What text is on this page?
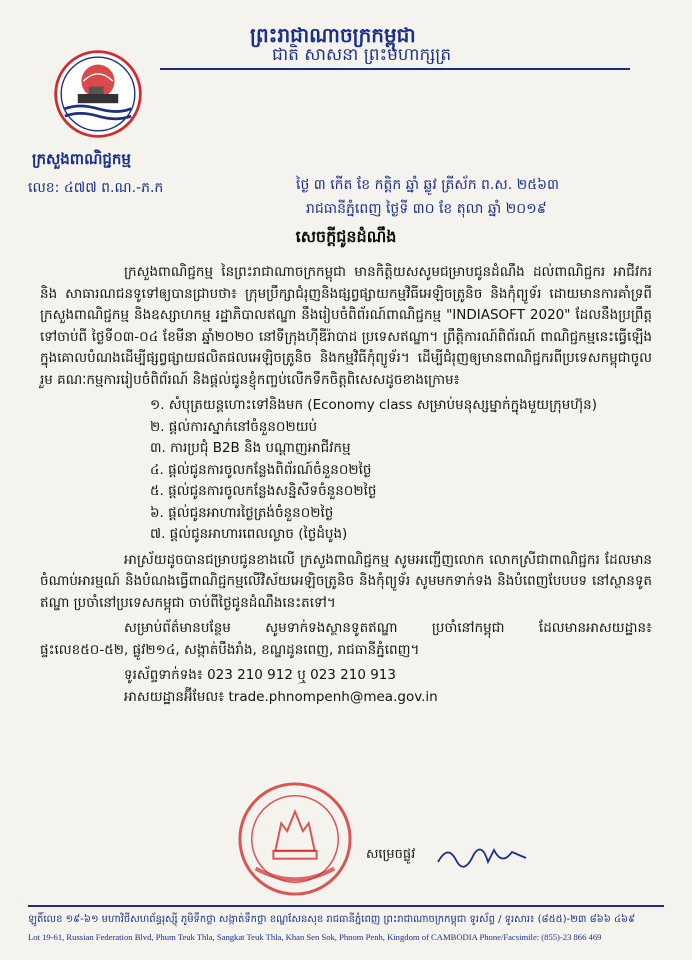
ក្រសួងពាណិជ្ជកម្ម
ព្រះរាជាណាចក្រកម្ពុជា
ជាតិ សាសនា ព្រះមហាក្សត្រ
លេខ: ៤៧៧ ព.ណ.-ភ.ក	ថ្ងៃ ៣ កើត ខែ កត្តិក ឆ្នាំ ឆ្លូវ ត្រីស័ក ព.ស. ២៥៦៣
រាជធានីភ្នំពេញ ថ្ងៃទី ៣០ ខែ តុលា ឆ្នាំ ២០១៩
សេចក្តីជូនដំណឹង

ក្រសួងពាណិជ្ជកម្ម នៃព្រះរាជាណាចក្រកម្ពុជា មានកិត្តិយសសូមជម្រាបជូនដំណឹង ដល់ពាណិជ្ជករ អាជីវករ និង សាធារណជនទូទៅឲ្យបានជ្រាបថា៖ ក្រុមប្រឹក្សាជំរុញនិងផ្សព្វផ្សាយកម្មវិធីអេឡិចត្រូនិច និងកុំព្យូទ័រ ដោយមានការគាំទ្រពី ក្រសួងពាណិជ្ជកម្ម និងឧស្សាហកម្ម រដ្ឋាភិបាលឥណ្ឌា នឹងរៀបចំពិព័រណ៍ពាណិជ្ជកម្ម "INDIASOFT 2020" ដែលនឹងប្រព្រឹត្តទៅចាប់ពី ថ្ងៃទី០៣-០៤ ខែមីនា ឆ្នាំ២០២០ នៅទីក្រុងហ៊ីឌីរ៉ាបាដ ប្រទេសឥណ្ឌា។ ព្រឹត្តិការណ៍ពិព័រណ៍ ពាណិជ្ជកម្មនេះធ្វើឡើងក្នុងគោលបំណងដើម្បីផ្សព្វផ្សាយផលិតផលអេឡិចត្រូនិច និងកម្មវិធីកុំព្យូទ័រ។ ដើម្បីជំរុញឲ្យមានពាណិជ្ជករពីប្រទេសកម្ពុជាចូលរួម គណៈកម្មការរៀបចំពិព័រណ៍ និងផ្តល់ជូនខ្ញុំកញ្ចប់លើកទឹកចិត្តពិសេសដូចខាងក្រោម៖

១. សំបុត្រយន្តហោះទៅនិងមក (Economy class សម្រាប់មនុស្សម្នាក់ក្នុងមួយក្រុមហ៊ុន)
២. ផ្តល់ការស្នាក់នៅចំនួន០២យប់
៣. ការប្រជុំ B2B និង បណ្តាញអាជីវកម្ម
៤. ផ្តល់ជូនការចូលកន្លែងពិព័រណ៍ចំនួន០២ថ្ងៃ
៥. ផ្តល់ជូនការចូលកន្លែងសន្និសីទចំនួន០២ថ្ងៃ
៦. ផ្តល់ជូនអាហារថ្ងៃត្រង់ចំនួន០២ថ្ងៃ
៧. ផ្តល់ជូនអាហារពេលល្ងាច (ថ្ងៃដំបូង)

អាស្រ័យដូចបានជម្រាបជូនខាងលើ ក្រសួងពាណិជ្ជកម្ម សូមអញ្ជើញលោក លោកស្រីជាពាណិជ្ជករ ដែលមានចំណាប់អារម្មណ៍ និងបំណងធ្វើពាណិជ្ជកម្មលើវិស័យអេឡិចត្រូនិច និងកុំព្យូទ័រ សូមមកទាក់ទង និងបំពេញបែបបទ នៅស្ថានទូតឥណ្ឌា ប្រចាំនៅប្រទេសកម្ពុជា ចាប់ពីថ្ងៃជូនដំណឹងនេះតទៅ។

សម្រាប់ព័ត៌មានបន្ថែម សូមទាក់ទងស្ថានទូតឥណ្ឌា ប្រចាំនៅកម្ពុជា ដែលមានអាសយដ្ឋាន៖ ផ្ទះលេខ៥០-៥២, ផ្លូវ២១៤, សង្កាត់បឹងរាំង, ខណ្ឌដូនពេញ, រាជធានីភ្នំពេញ។

ទូរស័ព្ទទាក់ទង៖ 023 210 912 ឬ 023 210 913

អាសយដ្ឋានអ៊ីមែល៖ trade.phnompenh@mea.gov.in

សម្រេចផ្លូវ
ឡូតិ៍លេខ ១៩-៦១ មហាវិថីសហព័ន្ធរុស្ស៊ី ភូមិទឹកថ្លា សង្កាត់ទឹកថ្លា ខណ្ឌសែនសុខ រាជធានីភ្នំពេញ ព្រះរាជាណាចក្រកម្ពុជា ទូរស័ព្ទ / ទូរសារ៖ (៨៥៥)-២៣ ៨៦៦ ៤៦៩
Lot 19-61, Russian Federation Blvd, Phum Teuk Thla, Sangkat Teuk Thla, Khan Sen Sok, Phnom Penh, Kingdom of CAMBODIA Phone/Facsimile: (855)-23 866 469
